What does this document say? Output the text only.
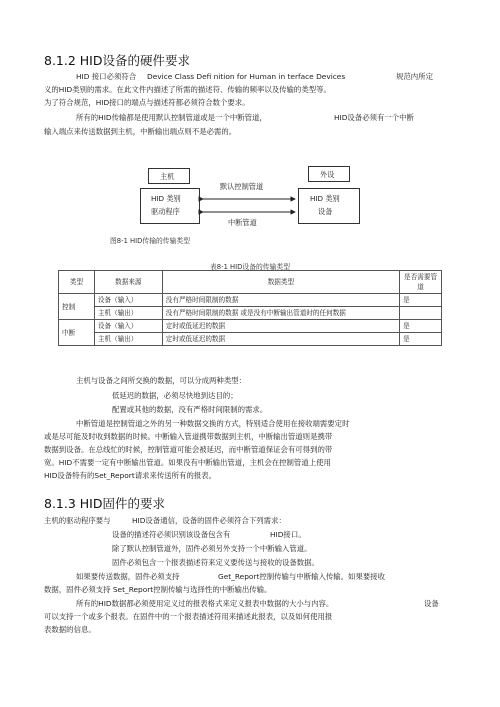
8.1.2 HID设备的硬件要求
HID 接口必须符合 Device Class Defi nition for Human in terface Devices	规范内所定
义的HID类别的需求。在此文件内描述了所需的描述符、传输的频率以及传输的类型等。
为了符合规范，HID接口的端点与描述符都必须符合数个要求。
所有的HID传输都是使用默认控制管道或是一个中断管道，	HID设备必须有一个中断
输入端点来传送数据到主机，中断输出端点则不是必需的。
主机	外设
HID 类别
驱动程序
HID 类别
设备
默认控制管道
中断管道
图8-1 HID传输的传输类型
表8-1 HID设备的传输类型
类型	数据来源	数据类型	是否需要管道
控制	设备（输入）	没有严格时间限制的数据	是
	主机（输出）	没有严格时间限制的数据 或是没有中断输出管道时的任何数据	
中断	设备（输入）	定时或低延迟的数据	是
	主机（输出）	定时或低延迟的数据	是
主机与设备之间所交换的数据，可以分成两种类型：
低延迟的数据，必须尽快地到达目的；
配置或其他的数据，没有严格时间限制的需求。
中断管道是控制管道之外的另一种数据交换的方式，特别适合使用在接收端需要定时
或是尽可能及时收到数据的时候。中断输入管道携带数据到主机，中断输出管道则是携带
数据到设备。在总线忙的时候，控制管道可能会被延迟，而中断管道保证会有可得到的带
宽。HID不需要一定有中断输出管道。如果没有中断输出管道，主机会在控制管道上使用
HID设备特有的Set_Report请求来传送所有的报表。
8.1.3 HID固件的要求
主机的驱动程序要与	HID设备通信，设备的固件必须符合下列需求：
设备的描述符必须识别该设备包含有	HID接口。
除了默认控制管道外，固件必须另外支持一个中断输入管道。
固件必须包含一个报表描述符来定义要传送与接收的设备数据。
如果要传送数据，固件必须支持	Get_Report控制传输与中断输入传输。如果要接收
数据，固件必须支持 Set_Report控制传输与选择性的中断输出传输。
所有的HID数据都必须使用定义过的报表格式来定义报表中数据的大小与内容。	设备
可以支持一个或多个报表。在固件中的一个报表描述符用来描述此报表，以及如何使用报
表数据的信息。
